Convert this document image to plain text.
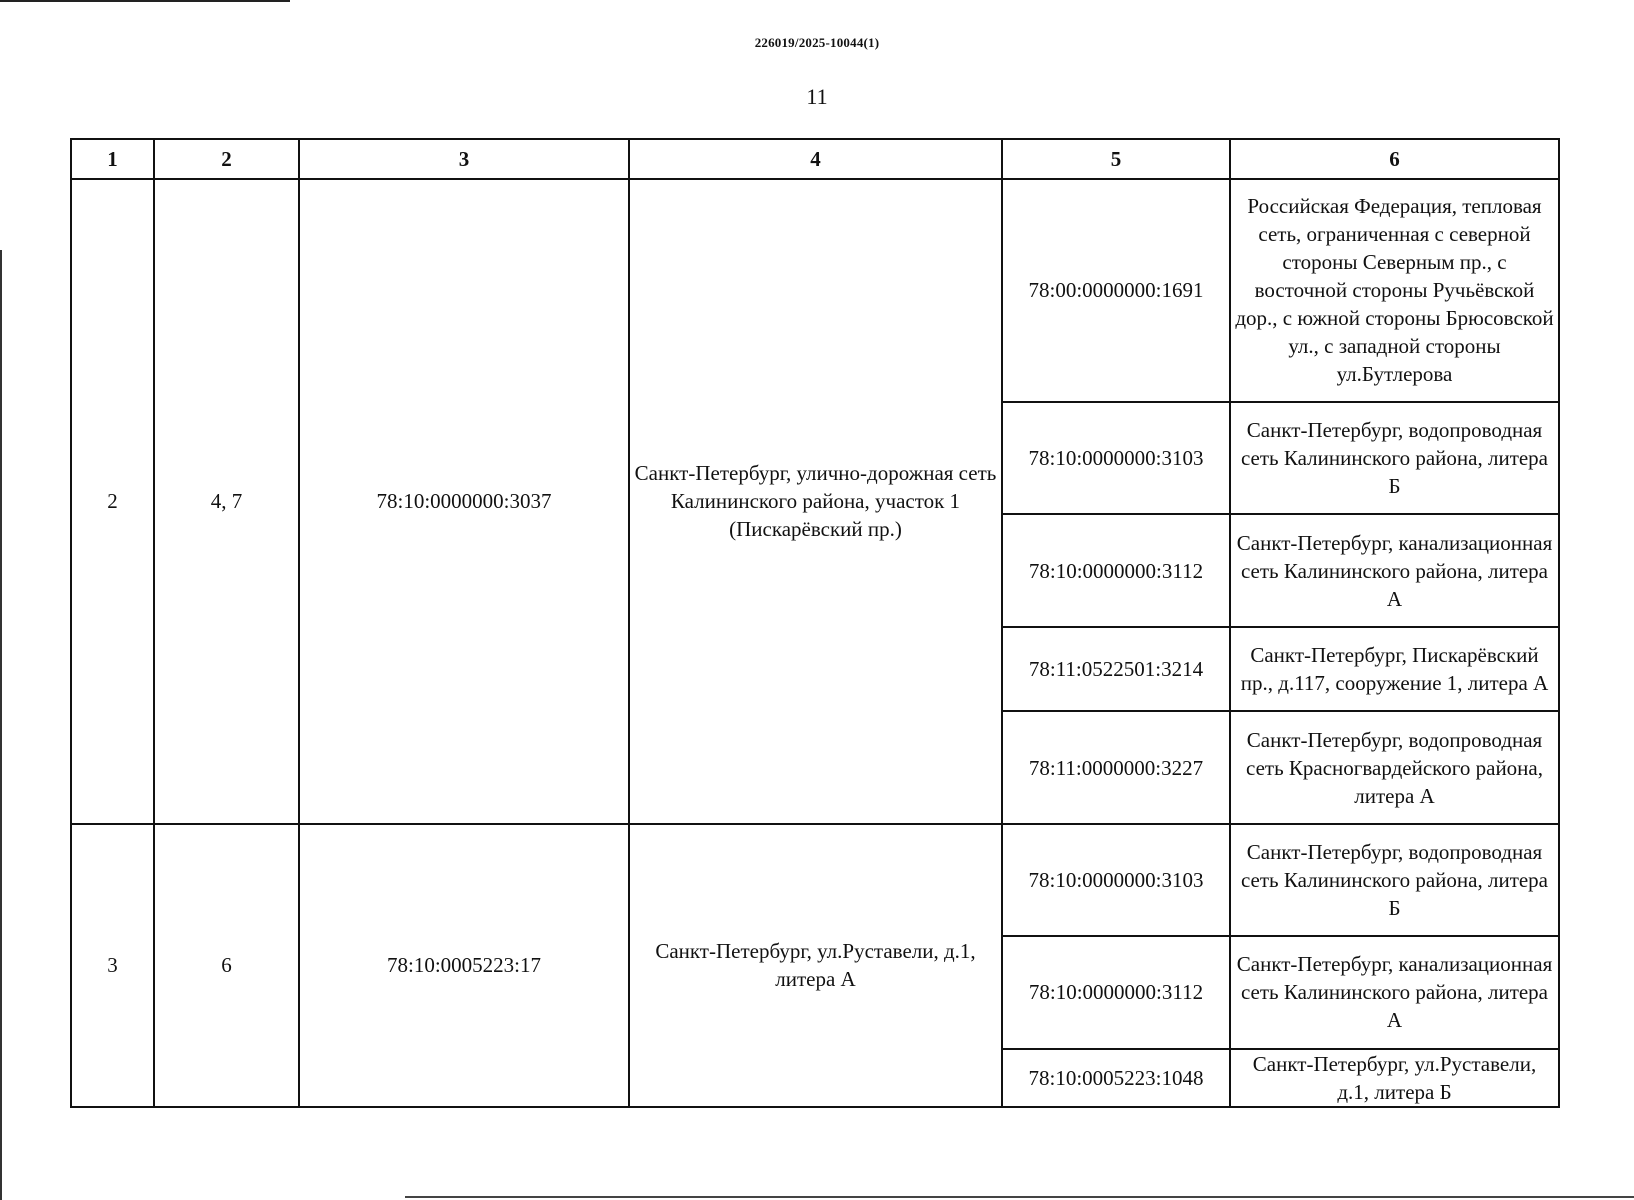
226019/2025-10044(1)
11
1	2	3	4	5	6
2	4, 7	78:10:0000000:3037	Санкт-Петербург, улично-дорожная сеть Калининского района, участок 1 (Пискарёвский пр.)	78:00:0000000:1691	Российская Федерация, тепловая сеть, ограниченная с северной стороны Северным пр., с восточной стороны Ручьёвской дор., с южной стороны Брюсовской ул., с западной стороны ул.Бутлерова
				78:10:0000000:3103	Санкт-Петербург, водопроводная сеть Калининского района, литера Б
				78:10:0000000:3112	Санкт-Петербург, канализационная сеть Калининского района, литера А
				78:11:0522501:3214	Санкт-Петербург, Пискарёвский пр., д.117, сооружение 1, литера А
				78:11:0000000:3227	Санкт-Петербург, водопроводная сеть Красногвардейского района, литера А
3	6	78:10:0005223:17	Санкт-Петербург, ул.Руставели, д.1, литера А	78:10:0000000:3103	Санкт-Петербург, водопроводная сеть Калининского района, литера Б
				78:10:0000000:3112	Санкт-Петербург, канализационная сеть Калининского района, литера А
				78:10:0005223:1048	Санкт-Петербург, ул.Руставели, д.1, литера Б
